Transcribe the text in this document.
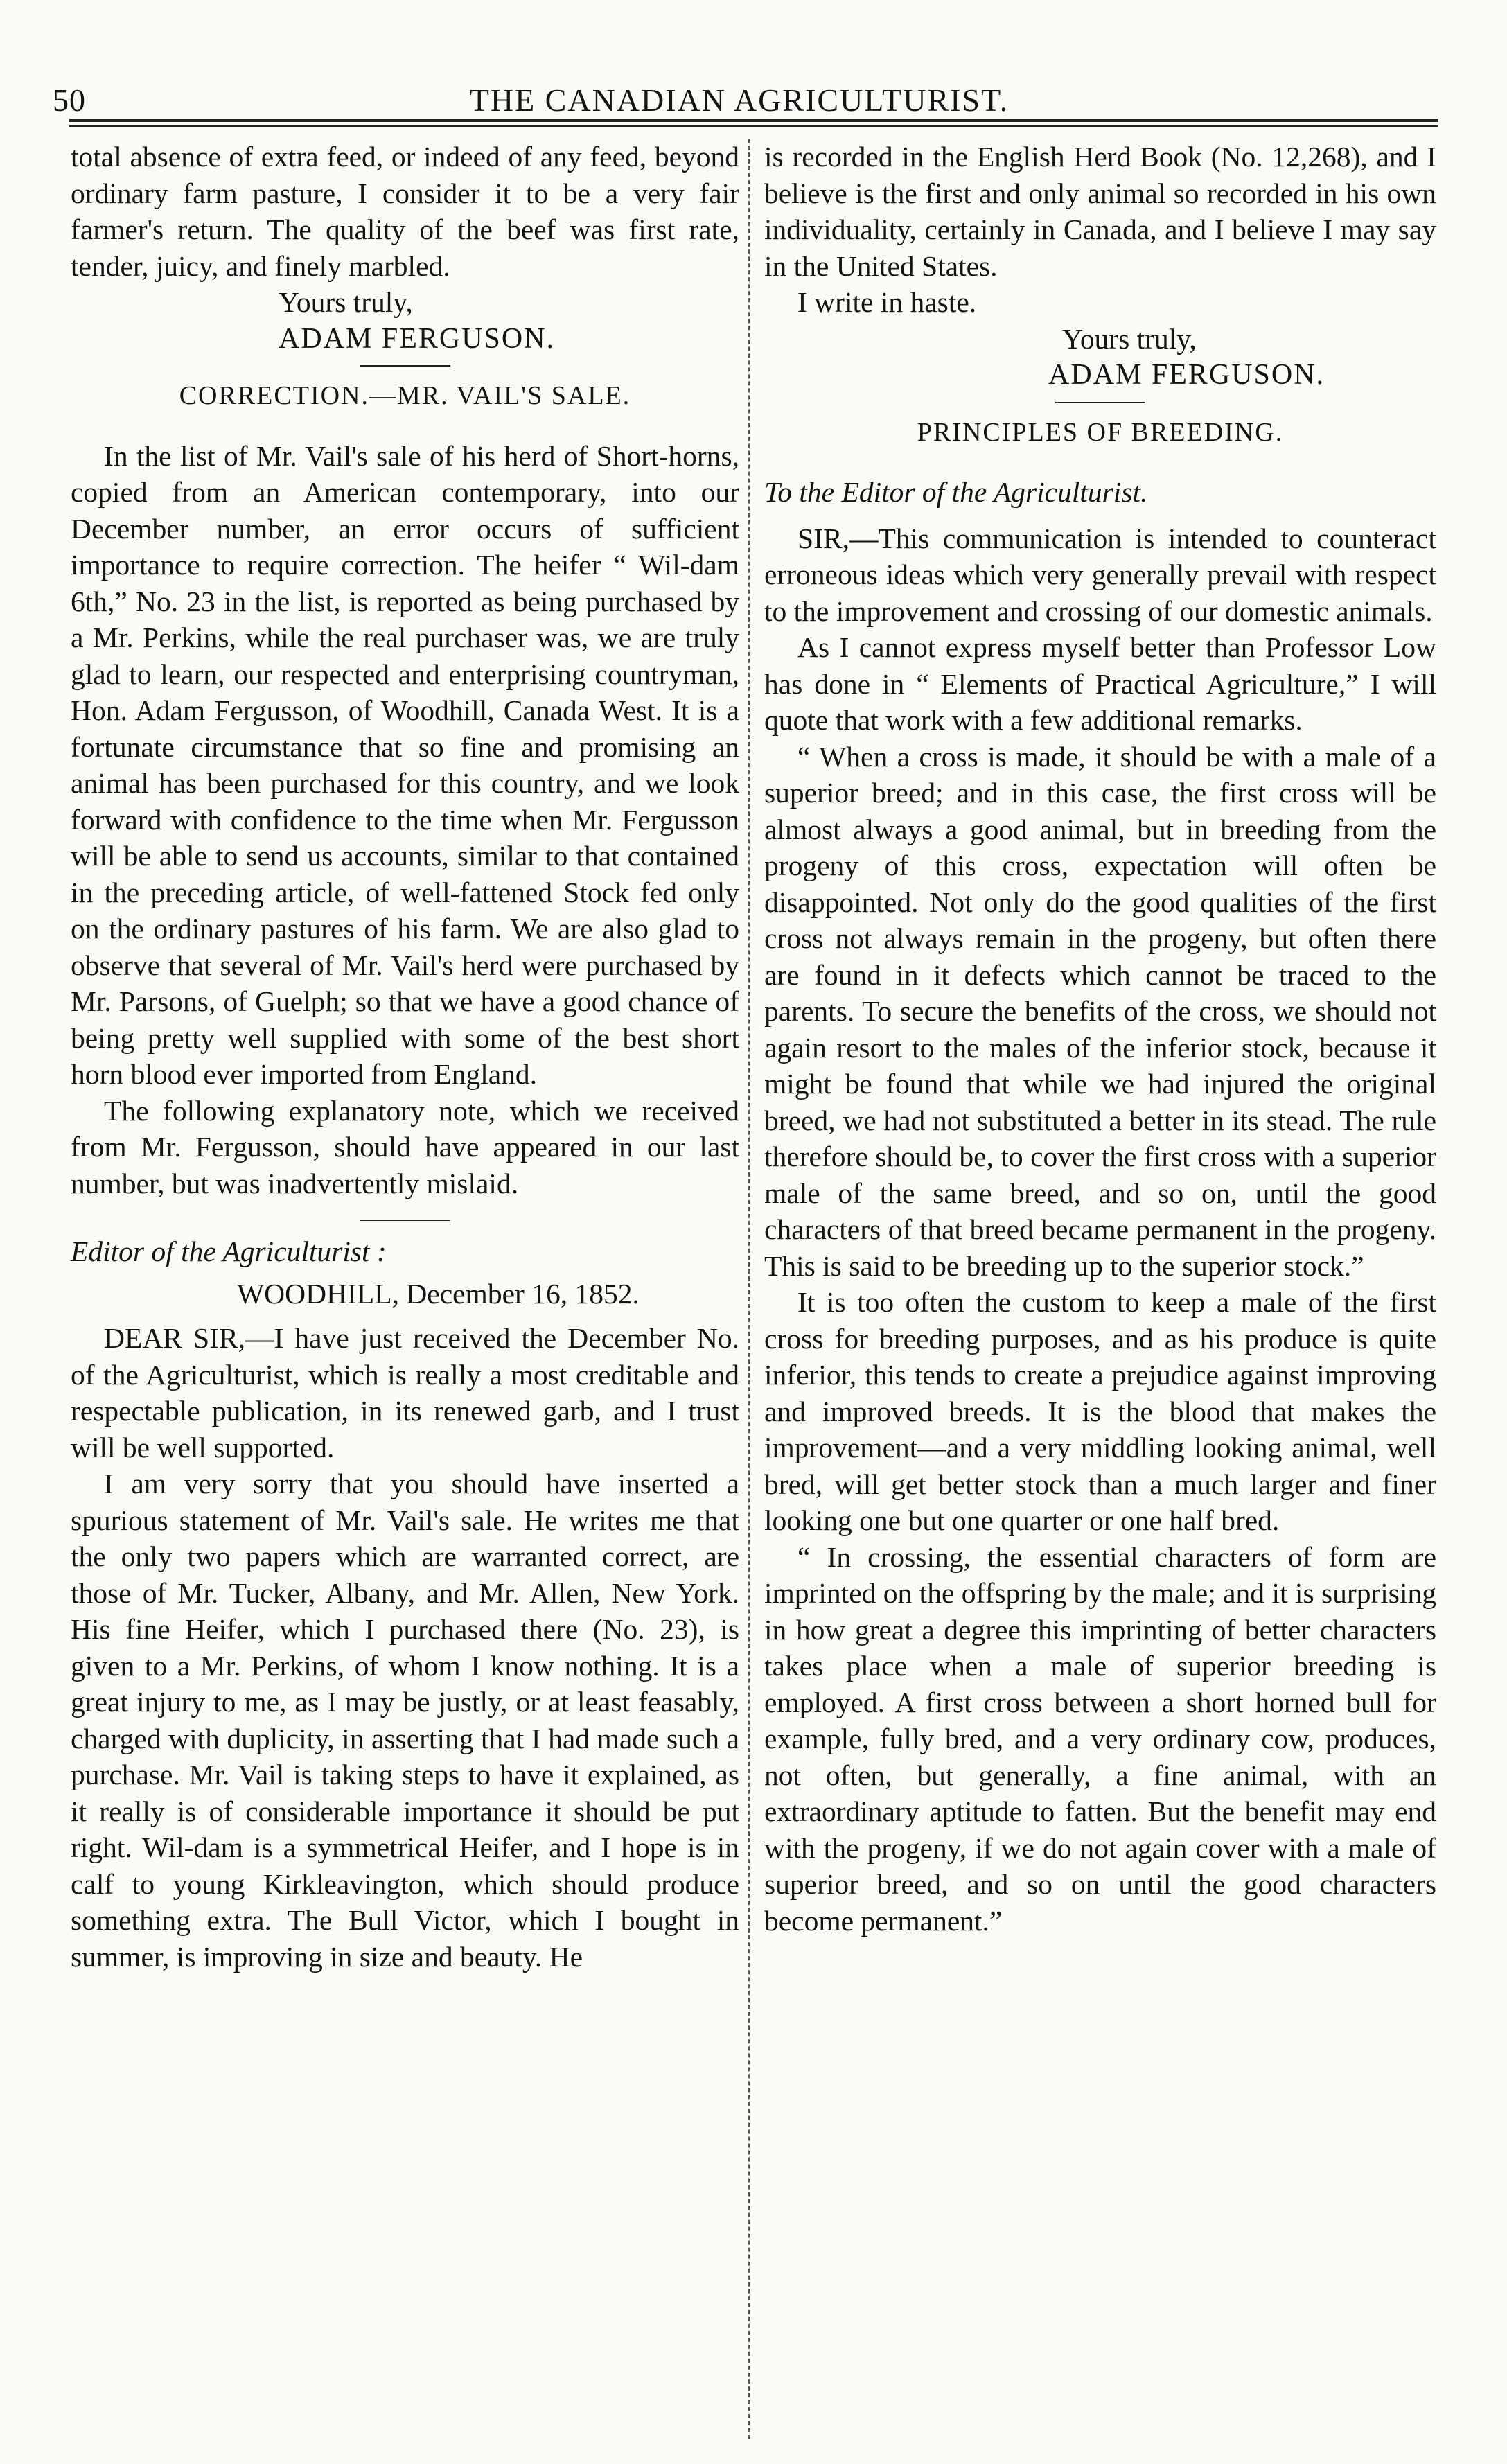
50	THE CANADIAN AGRICULTURIST.

total absence of extra feed, or indeed of any feed, beyond ordinary farm pasture, I consider it to be a very fair farmer's return. The quality of the beef was first rate, tender, juicy, and finely marbled.

Yours truly,

ADAM FERGUSON.

CORRECTION.—MR. VAIL'S SALE.

In the list of Mr. Vail's sale of his herd of Short-horns, copied from an American contemporary, into our December number, an error occurs of sufficient importance to require correction. The heifer “ Wil-dam 6th,” No. 23 in the list, is reported as being purchased by a Mr. Perkins, while the real purchaser was, we are truly glad to learn, our respected and enterprising countryman, Hon. Adam Fergusson, of Woodhill, Canada West. It is a fortunate circumstance that so fine and promising an animal has been purchased for this country, and we look forward with confidence to the time when Mr. Fergusson will be able to send us accounts, similar to that contained in the preceding article, of well-fattened Stock fed only on the ordinary pastures of his farm. We are also glad to observe that several of Mr. Vail's herd were purchased by Mr. Parsons, of Guelph; so that we have a good chance of being pretty well supplied with some of the best short horn blood ever imported from England.

The following explanatory note, which we received from Mr. Fergusson, should have appeared in our last number, but was inadvertently mislaid.

Editor of the Agriculturist :

WOODHILL, December 16, 1852.

DEAR SIR,—I have just received the December No. of the Agriculturist, which is really a most creditable and respectable publication, in its renewed garb, and I trust will be well supported.

I am very sorry that you should have inserted a spurious statement of Mr. Vail's sale. He writes me that the only two papers which are warranted correct, are those of Mr. Tucker, Albany, and Mr. Allen, New York. His fine Heifer, which I purchased there (No. 23), is given to a Mr. Perkins, of whom I know nothing. It is a great injury to me, as I may be justly, or at least feasably, charged with duplicity, in asserting that I had made such a purchase. Mr. Vail is taking steps to have it explained, as it really is of considerable importance it should be put right. Wil-dam is a symmetrical Heifer, and I hope is in calf to young Kirkleavington, which should produce something extra. The Bull Victor, which I bought in summer, is improving in size and beauty. He

is recorded in the English Herd Book (No. 12,268), and I believe is the first and only animal so recorded in his own individuality, certainly in Canada, and I believe I may say in the United States.

I write in haste.

Yours truly,

ADAM FERGUSON.

PRINCIPLES OF BREEDING.

To the Editor of the Agriculturist.

SIR,—This communication is intended to counteract erroneous ideas which very generally prevail with respect to the improvement and crossing of our domestic animals.

As I cannot express myself better than Professor Low has done in “ Elements of Practical Agriculture,” I will quote that work with a few additional remarks.

“ When a cross is made, it should be with a male of a superior breed; and in this case, the first cross will be almost always a good animal, but in breeding from the progeny of this cross, expectation will often be disappointed. Not only do the good qualities of the first cross not always remain in the progeny, but often there are found in it defects which cannot be traced to the parents. To secure the benefits of the cross, we should not again resort to the males of the inferior stock, because it might be found that while we had injured the original breed, we had not substituted a better in its stead. The rule therefore should be, to cover the first cross with a superior male of the same breed, and so on, until the good characters of that breed became permanent in the progeny. This is said to be breeding up to the superior stock.”

It is too often the custom to keep a male of the first cross for breeding purposes, and as his produce is quite inferior, this tends to create a prejudice against improving and improved breeds. It is the blood that makes the improvement—and a very middling looking animal, well bred, will get better stock than a much larger and finer looking one but one quarter or one half bred.

“ In crossing, the essential characters of form are imprinted on the offspring by the male; and it is surprising in how great a degree this imprinting of better characters takes place when a male of superior breeding is employed. A first cross between a short horned bull for example, fully bred, and a very ordinary cow, produces, not often, but generally, a fine animal, with an extraordinary aptitude to fatten. But the benefit may end with the progeny, if we do not again cover with a male of superior breed, and so on until the good characters become permanent.”
